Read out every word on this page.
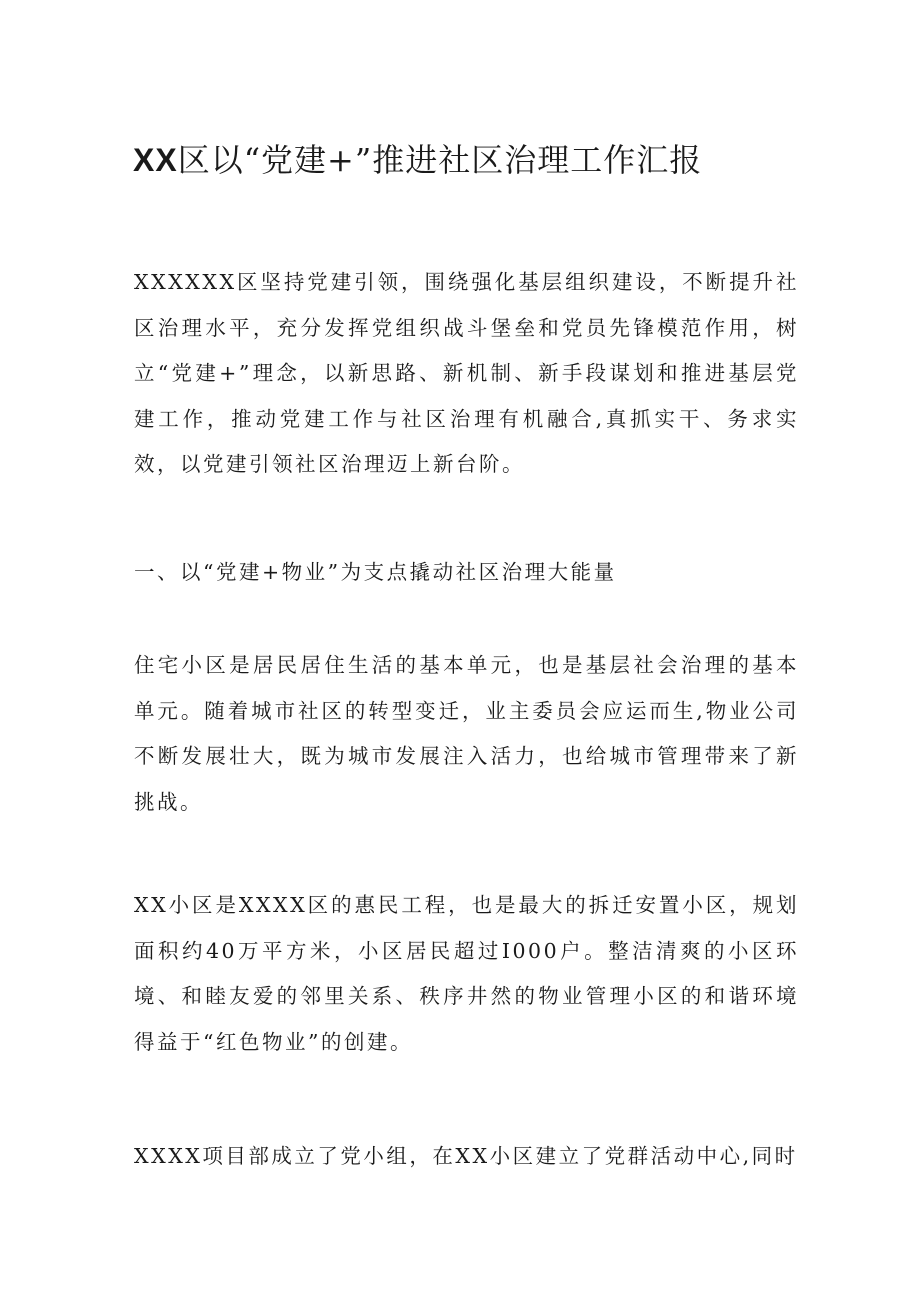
XX区以“党建+”推进社区治理工作汇报

XXXXXX区坚持党建引领，围绕强化基层组织建设，不断提升社区治理水平，充分发挥党组织战斗堡垒和党员先锋模范作用，树立“党建+”理念，以新思路、新机制、新手段谋划和推进基层党建工作，推动党建工作与社区治理有机融合,真抓实干、务求实效，以党建引领社区治理迈上新台阶。

一、以“党建+物业”为支点撬动社区治理大能量

住宅小区是居民居住生活的基本单元，也是基层社会治理的基本单元。随着城市社区的转型变迁，业主委员会应运而生,物业公司不断发展壮大，既为城市发展注入活力，也给城市管理带来了新挑战。

XX小区是XXXX区的惠民工程，也是最大的拆迁安置小区，规划面积约40万平方米，小区居民超过I000户。整洁清爽的小区环境、和睦友爱的邻里关系、秩序井然的物业管理小区的和谐环境得益于“红色物业”的创建。

XXXX项目部成立了党小组，在XX小区建立了党群活动中心,同时
